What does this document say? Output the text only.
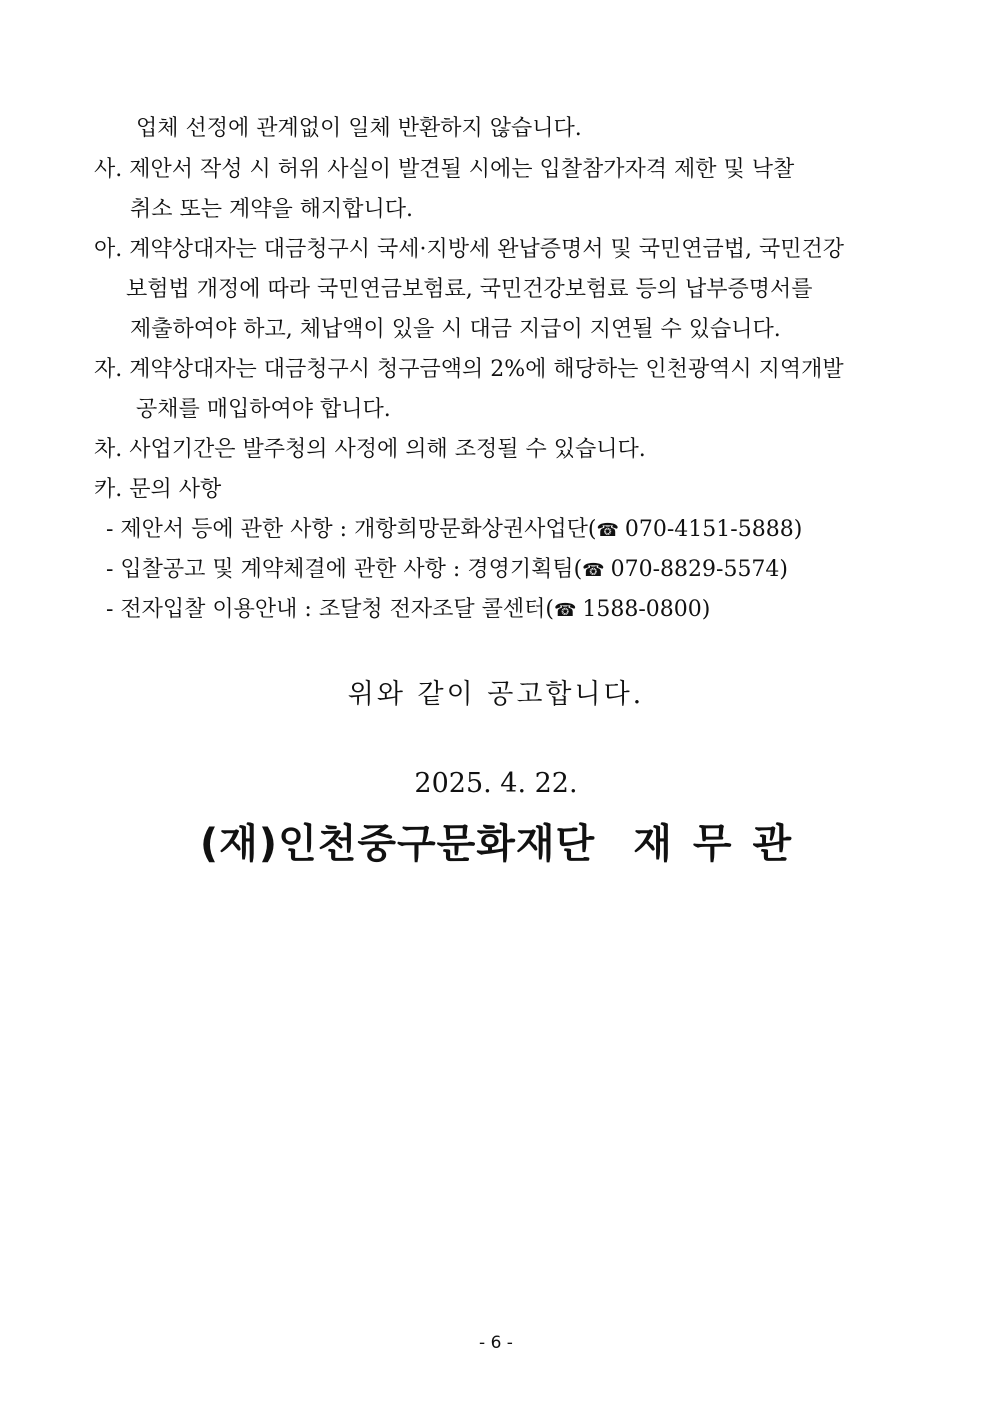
업체 선정에 관계없이 일체 반환하지 않습니다.
사. 제안서 작성 시 허위 사실이 발견될 시에는 입찰참가자격 제한 및 낙찰
취소 또는 계약을 해지합니다.
아. 계약상대자는 대금청구시 국세·지방세 완납증명서 및 국민연금법, 국민건강
보험법 개정에 따라 국민연금보험료, 국민건강보험료 등의 납부증명서를
제출하여야 하고, 체납액이 있을 시 대금 지급이 지연될 수 있습니다.
자. 계약상대자는 대금청구시 청구금액의 2%에 해당하는 인천광역시 지역개발
공채를 매입하여야 합니다.
차. 사업기간은 발주청의 사정에 의해 조정될 수 있습니다.
카. 문의 사항
- 제안서 등에 관한 사항 : 개항희망문화상권사업단(☎ 070-4151-5888)
- 입찰공고 및 계약체결에 관한 사항 : 경영기획팀(☎ 070-8829-5574)
- 전자입찰 이용안내 : 조달청 전자조달 콜센터(☎ 1588-0800)
위와 같이 공고합니다.
2025. 4. 22.
(재)인천중구문화재단 재 무 관
- 6 -
